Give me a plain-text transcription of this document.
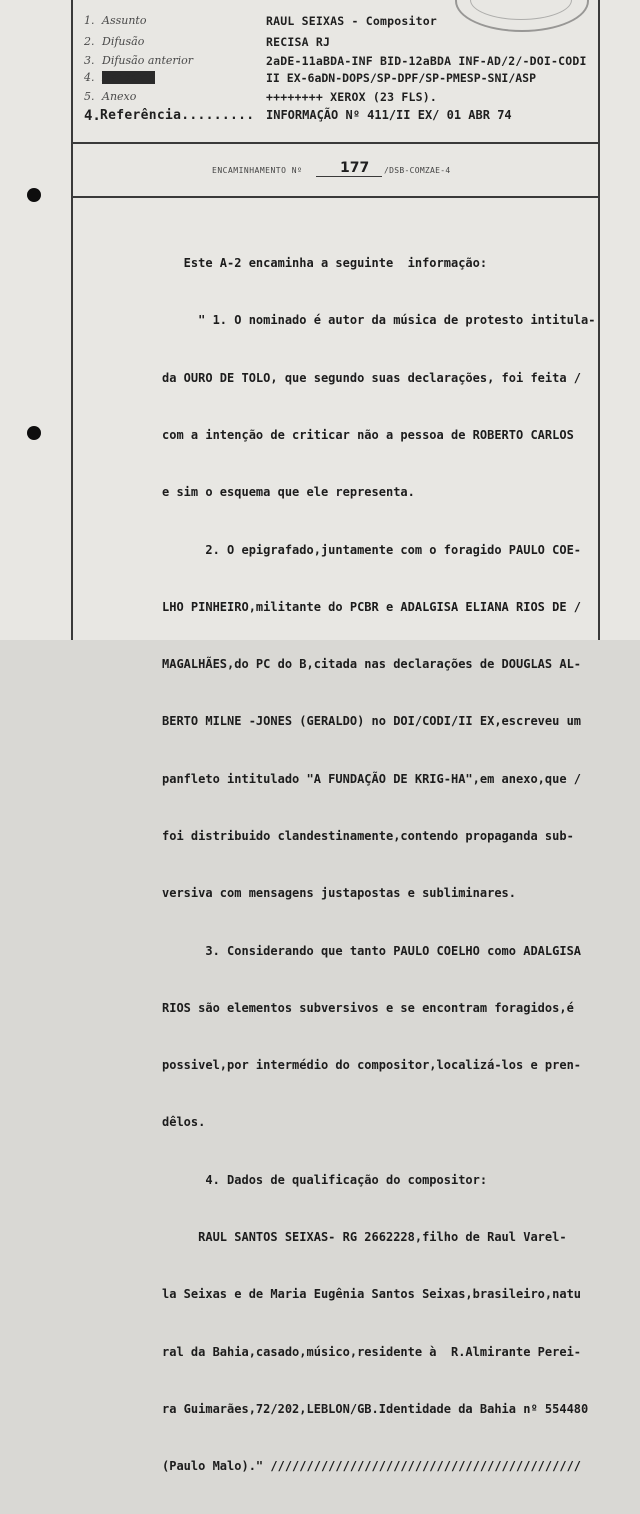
1. Assunto	RAUL SEIXAS - Compositor
2. Difusão	RECISA RJ
3. Difusão anterior	2aDE-11aBDA-INF BID-12aBDA INF-AD/2/-DOI-CODI
4. Redacted	II EX-6aDN-DOPS/SP-DPF/SP-PMESP-SNI/ASP
5. Anexo	++++++++ XEROX (23 FLS).
4. Referência......... INFORMAÇÃO Nº 411/II EX/ 01 ABR 74
ENCAMINHAMENTO Nº	177 /DSB-COMZAE-4

Este A-2 encaminha a seguinte  informação:

" 1. O nominado é autor da música de protesto intitula-

da OURO DE TOLO, que segundo suas declarações, foi feita /

com a intenção de criticar não a pessoa de ROBERTO CARLOS

e sim o esquema que ele representa.

2. O epigrafado,juntamente com o foragido PAULO COE-

LHO PINHEIRO,militante do PCBR e ADALGISA ELIANA RIOS DE /

MAGALHÃES,do PC do B,citada nas declarações de DOUGLAS AL-

BERTO MILNE -JONES (GERALDO) no DOI/CODI/II EX,escreveu um

panfleto intitulado "A FUNDAÇÃO DE KRIG-HA",em anexo,que /

foi distribuido clandestinamente,contendo propaganda sub-

versiva com mensagens justapostas e subliminares.

3. Considerando que tanto PAULO COELHO como ADALGISA

RIOS são elementos subversivos e se encontram foragidos,é

possivel,por intermédio do compositor,localizá-los e pren-

dêlos.

4. Dados de qualificação do compositor:

RAUL SANTOS SEIXAS- RG 2662228,filho de Raul Varel-

la Seixas e de Maria Eugênia Santos Seixas,brasileiro,natu

ral da Bahia,casado,músico,residente à  R.Almirante Perei-

ra Guimarães,72/202,LEBLON/GB.Identidade da Bahia nº 554480

(Paulo Malo)." ///////////////////////////////////////////
